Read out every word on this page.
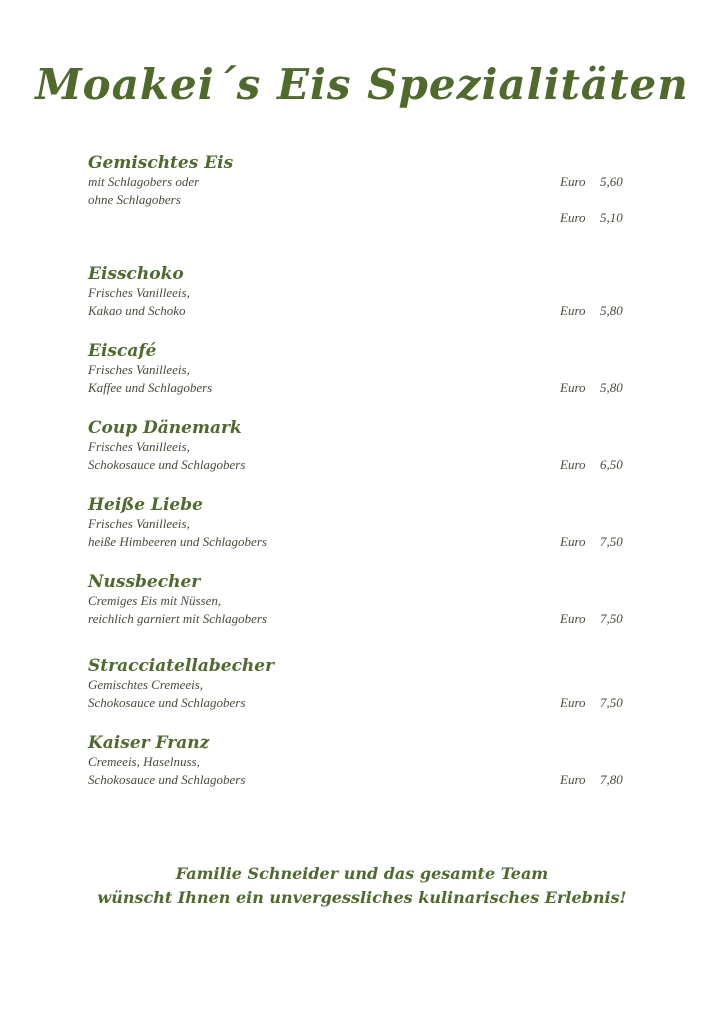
Moakei´s Eis Spezialitäten
Gemischtes Eis
mit Schlagobers oder	Euro 5,60
ohne Schlagobers
Euro 5,10
Eisschoko
Frisches Vanilleeis,
Kakao und Schoko	Euro 5,80
Eiscafé
Frisches Vanilleeis,
Kaffee und Schlagobers	Euro 5,80
Coup Dänemark
Frisches Vanilleeis,
Schokosauce und Schlagobers	Euro 6,50
Heiße Liebe
Frisches Vanilleeis,
heiße Himbeeren und Schlagobers	Euro 7,50
Nussbecher
Cremiges Eis mit Nüssen,
reichlich garniert mit Schlagobers	Euro 7,50
Stracciatellabecher
Gemischtes Cremeeis,
Schokosauce und Schlagobers	Euro 7,50
Kaiser Franz
Cremeeis, Haselnuss,
Schokosauce und Schlagobers	Euro 7,80
Familie Schneider und das gesamte Team
wünscht Ihnen ein unvergessliches kulinarisches Erlebnis!
